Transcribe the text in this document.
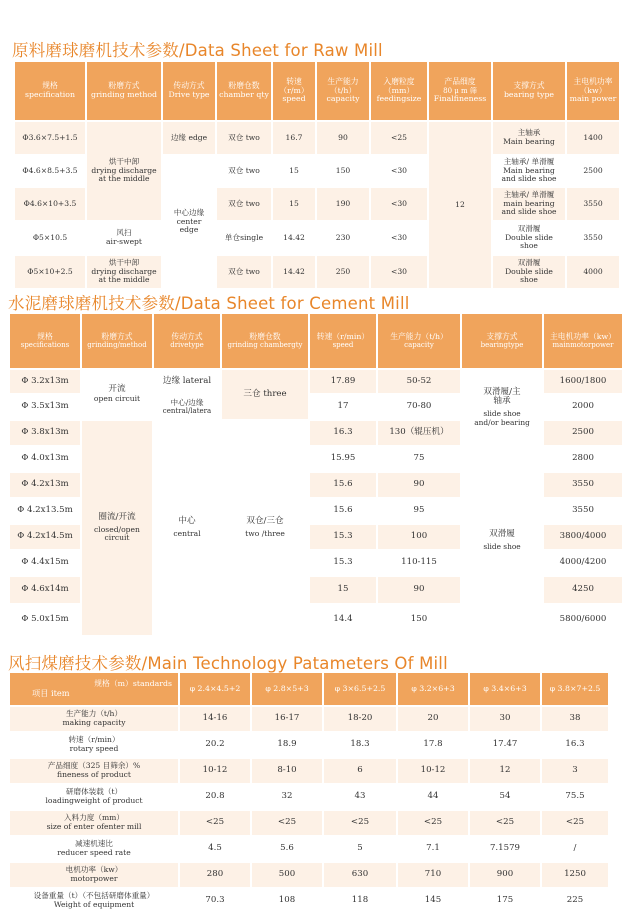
原料磨球磨机技术参数/Data Sheet for Raw Mill
规格
specification	粉磨方式
grinding method	传动方式
Drive type	粉磨仓数
chamber qty	转速
（r/m）
speed	生产能力
（t/h）
capacity	入磨粒度
（mm）
feedingsize	产品细度
80 μ m 筛
Finalfineness	支撑方式
bearing type	主电机功率
（kw）
main power

Φ3.6×7.5+1.5	烘干中卸
drying discharge
at the middle	边缘 edge	双仓 two	16.7	90	<25	12	主轴承
Main bearing	1400
Φ4.6×8.5+3.5		中心边缘
center
edge	双仓 two	15	150	<30		主轴承/ 单滑履
Main bearing
and slide shoe	2500
Φ4.6×10+3.5			双仓 two	15	190	<30		主轴承/ 单滑履
main bearing
and slide shoe	3550
Φ5×10.5	风扫
air-swept		单仓single	14.42	230	<30		双滑履
Double slide
shoe	3550
Φ5×10+2.5	烘干中卸
drying discharge
at the middle		双仓 two	14.42	250	<30		双滑履
Double slide
shoe	4000
水泥磨球磨机技术参数/Data Sheet for Cement Mill
规格
specifications	粉磨方式
grinding/method	传动方式
drivetype	粉磨仓数
grinding chambergty	转速（r/min）
speed	生产能力（t/h）
capacity	支撑方式
bearingtype	主电机功率（kw）
mainmotorpower

Φ 3.2x13m	开流
open circuit	边缘 lateral	三仓 three	17.89	50-52	双滑履/主
轴承
slide shoe
and/or bearing	1600/1800
Φ 3.5x13m		中心/边缘
central/latera		17	70-80		2000
Φ 3.8x13m	圈流/开流
closed/open
circuit	中心
central	双仓/三仓
two /three	16.3	130（辊压机）		2500
Φ 4.0x13m				15.95	75	双滑履
slide shoe	2800
Φ 4.2x13m				15.6	90		3550
Φ 4.2x13.5m				15.6	95		3550
Φ 4.2x14.5m				15.3	100		3800/4000
Φ 4.4x15m				15.3	110-115		4000/4200
Φ 4.6x14m				15	90		4250
Φ 5.0x15m				14.4	150		5800/6000
风扫煤磨技术参数/Main Technology Patameters Of Mill
规格（m）standards
项目 item	φ 2.4×4.5+2	φ 2.8×5+3	φ 3×6.5+2.5	φ 3.2×6+3	φ 3.4×6+3	φ 3.8×7+2.5
生产能力（t/h）
making capacity	14-16	16-17	18-20	20	30	38
转速（r/min）
rotary speed	20.2	18.9	18.3	17.8	17.47	16.3
产品细度（325 目筛余）%
fineness of product	10-12	8-10	6	10-12	12	3
研磨体装载（t）
loadingweight of product	20.8	32	43	44	54	75.5
入料力度（mm）
size of enter ofenter mill	<25	<25	<25	<25	<25	<25
减速机速比
reducer speed rate	4.5	5.6	5	7.1	7.1579	/
电机功率（kw）
motorpower	280	500	630	710	900	1250
设备重量（t）（不包括研磨体重量）
Weight of equipment	70.3	108	118	145	175	225
